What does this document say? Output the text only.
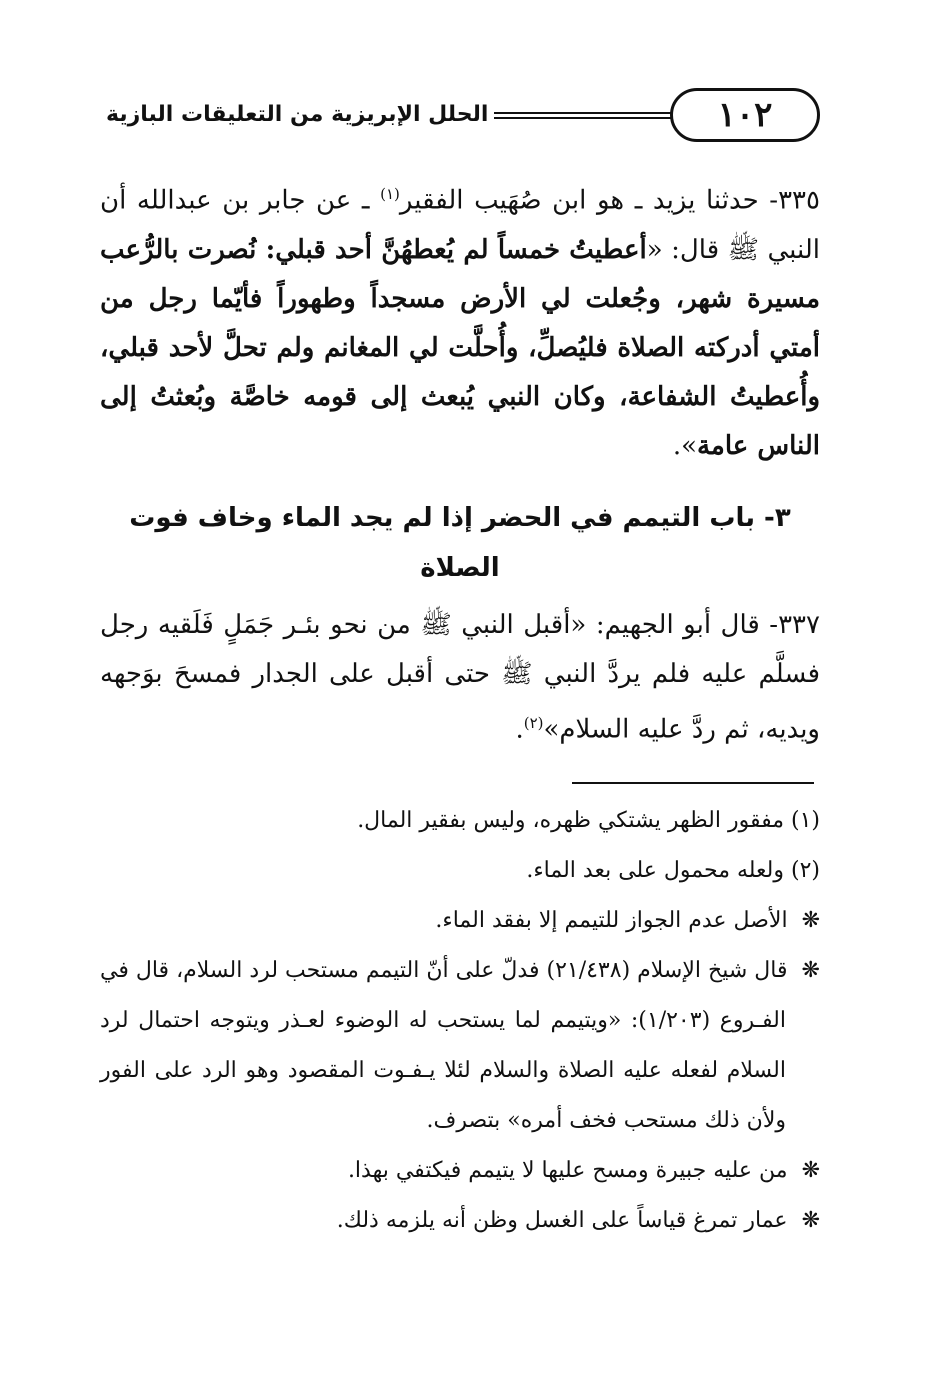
١٠٢
الحلل الإبريزية من التعليقات البازية

٣٣٥- حدثنا يزيد ـ هو ابن صُهَيب الفقير$^{(١)}$ ـ عن جابر بن عبدالله أن النبي ﷺ قال: «أعطيتُ خمساً لم يُعطهُنَّ أحد قبلي: نُصرت بالرُّعب مسيرة شهر، وجُعلت لي الأرض مسجداً وطهوراً فأيّما رجل من أمتي أدركته الصلاة فليُصلِّ، وأُحلَّت لي المغانم ولم تحلَّ لأحد قبلي، وأُعطيتُ الشفاعة، وكان النبي يُبعث إلى قومه خاصَّة وبُعثتُ إلى الناس عامة».

٣- باب التيمم في الحضر إذا لم يجد الماء وخاف فوت الصلاة

٣٣٧- قال أبو الجهيم: «أقبل النبي ﷺ من نحو بئـر جَمَلٍ فَلَقيه رجل فسلَّم عليه فلم يردَّ النبي ﷺ حتى أقبل على الجدار فمسحَ بوَجهه ويديه، ثم ردَّ عليه السلام»$^{(٢)}$.

(١) مفقور الظهر يشتكي ظهره، وليس بفقير المال.

(٢) ولعله محمول على بعد الماء.

❋  الأصل عدم الجواز للتيمم إلا بفقد الماء.

❋  قال شيخ الإسلام (٢١/٤٣٨) فدلّ على أنّ التيمم مستحب لرد السلام، قال في الفـروع (١/٢٠٣): «ويتيمم لما يستحب له الوضوء لعـذر ويتوجه احتمال لرد السلام لفعله عليه الصلاة والسلام لئلا يـفـوت المقصود وهو الرد على الفور ولأن ذلك مستحب فخف أمره» بتصرف.

❋  من عليه جبيرة ومسح عليها لا يتيمم فيكتفي بهذا.

❋  عمار تمرغ قياساً على الغسل وظن أنه يلزمه ذلك.
